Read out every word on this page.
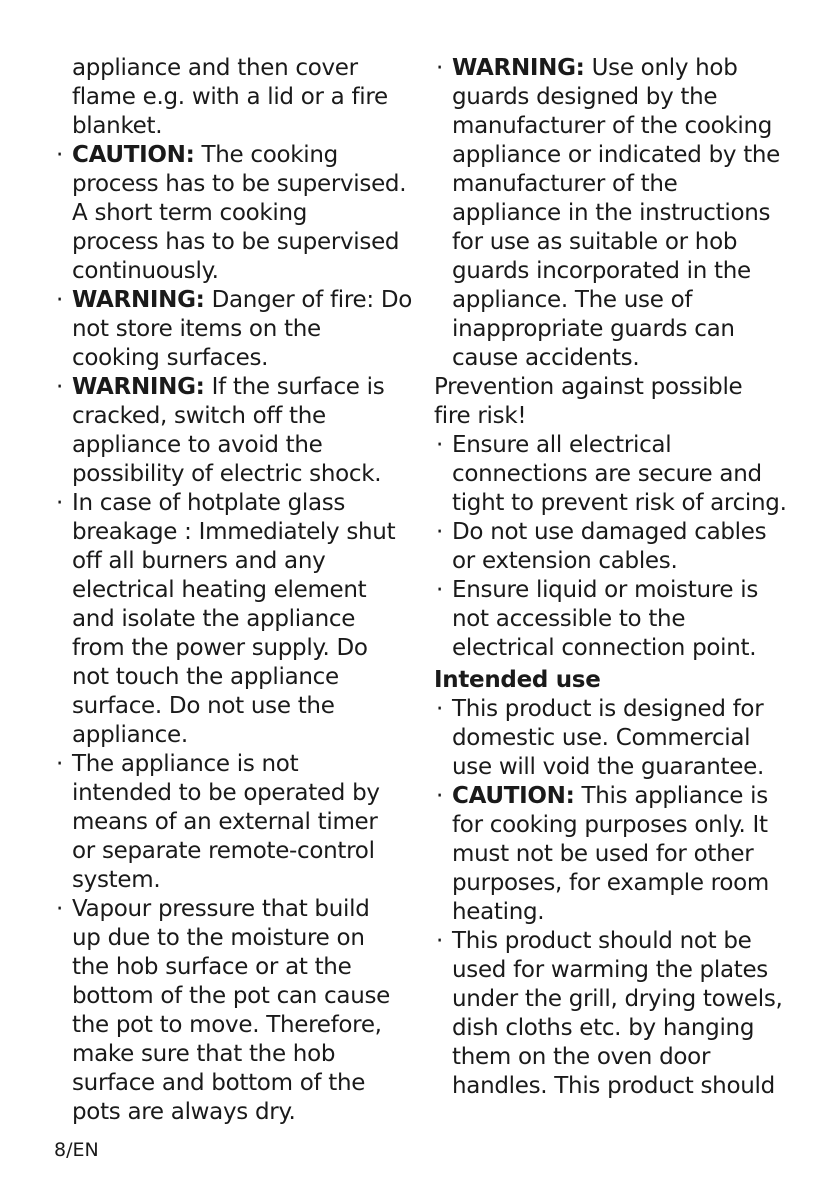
appliance and then cover
flame e.g. with a lid or a fire
blanket.

· CAUTION: The cooking
process has to be supervised.
A short term cooking
process has to be supervised
continuously.
· WARNING: Danger of fire: Do
not store items on the
cooking surfaces.
· WARNING: If the surface is
cracked, switch off the
appliance to avoid the
possibility of electric shock.
· In case of hotplate glass
breakage : Immediately shut
off all burners and any
electrical heating element
and isolate the appliance
from the power supply. Do
not touch the appliance
surface. Do not use the
appliance.
· The appliance is not
intended to be operated by
means of an external timer
or separate remote-control
system.
· Vapour pressure that build
up due to the moisture on
the hob surface or at the
bottom of the pot can cause
the pot to move. Therefore,
make sure that the hob
surface and bottom of the
pots are always dry.
· WARNING: Use only hob
guards designed by the
manufacturer of the cooking
appliance or indicated by the
manufacturer of the
appliance in the instructions
for use as suitable or hob
guards incorporated in the
appliance. The use of
inappropriate guards can
cause accidents.

Prevention against possible
fire risk!

· Ensure all electrical
connections are secure and
tight to prevent risk of arcing.
· Do not use damaged cables
or extension cables.
· Ensure liquid or moisture is
not accessible to the
electrical connection point.
Intended use
· This product is designed for
domestic use. Commercial
use will void the guarantee.
· CAUTION: This appliance is
for cooking purposes only. It
must not be used for other
purposes, for example room
heating.
· This product should not be
used for warming the plates
under the grill, drying towels,
dish cloths etc. by hanging
them on the oven door
handles. This product should
8/EN
